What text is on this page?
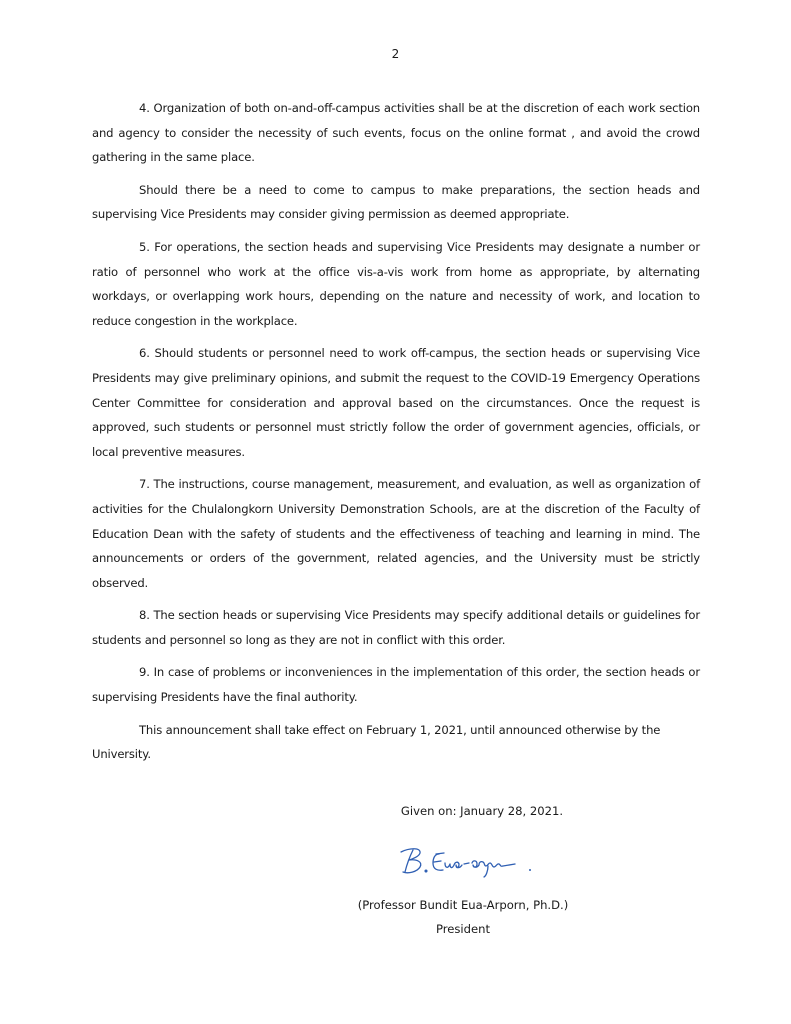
2

4. Organization of both on-and-off-campus activities shall be at the discretion of each work section and agency to consider the necessity of such events, focus on the online format , and avoid the crowd gathering in the same place.

Should there be a need to come to campus to make preparations, the section heads and supervising Vice Presidents may consider giving permission as deemed appropriate.

5. For operations, the section heads and supervising Vice Presidents may designate a number or ratio of personnel who work at the office vis-a-vis work from home as appropriate, by alternating workdays, or overlapping work hours, depending on the nature and necessity of work, and location to reduce congestion in the workplace.

6. Should students or personnel need to work off-campus, the section heads or supervising Vice Presidents may give preliminary opinions, and submit the request to the COVID-19 Emergency Operations Center Committee for consideration and approval based on the circumstances. Once the request is approved, such students or personnel must strictly follow the order of government agencies, officials, or local preventive measures.

7. The instructions, course management, measurement, and evaluation, as well as organization of activities for the Chulalongkorn University Demonstration Schools, are at the discretion of the Faculty of Education Dean with the safety of students and the effectiveness of teaching and learning in mind. The announcements or orders of the government, related agencies, and the University must be strictly observed.

8. The section heads or supervising Vice Presidents may specify additional details or guidelines for students and personnel so long as they are not in conflict with this order.

9. In case of problems or inconveniences in the implementation of this order, the section heads or supervising Presidents have the final authority.

This announcement shall take effect on February 1, 2021, until announced otherwise by the University.

Given on: January 28, 2021.
(Professor Bundit Eua-Arporn, Ph.D.)
President
